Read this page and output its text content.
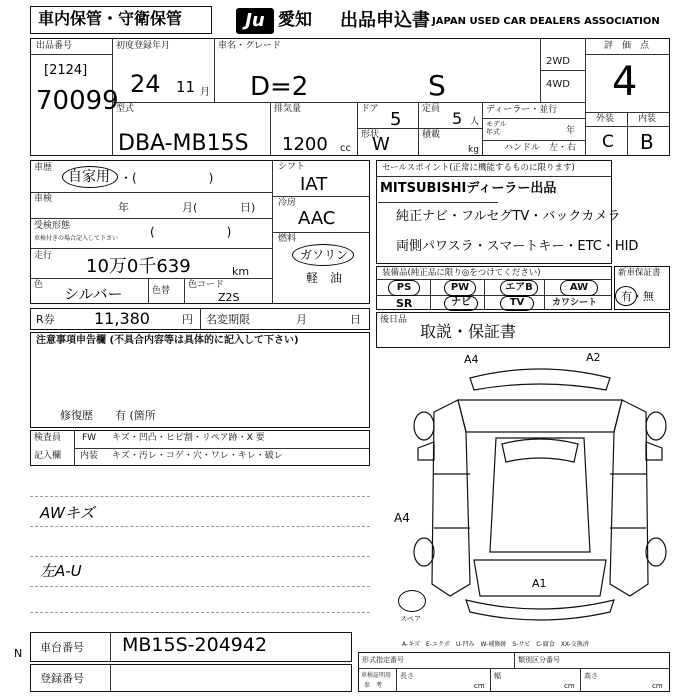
車内保管・守衛保管	Ju 愛知 出品申込書 JAPAN USED CAR DEALERS ASSOCIATION
出品番号
[2124]
70099
初度登録年月
24 11 月
車名・グレード
D=2	S
2WD
4WD
評　価　点
4
外装	内装
C B
型式
DBA-MB15S
排気量
1200 cc
ドア 5 定員 5 人
形状
W	積載
kg
ディーラー・並行
モデル
年式	年
ハンドル　左・右
車歴
自家用 ・(　　　　　　)
シフト
IAT
車検
年	月(	日)	冷房
AAC
受検形態
車検付きの場合記入して下さい	(　　　　　　)	燃料
ガソリン
軽　油
走行 10万0千639	km
色 シルバー	色替
色コード
Z2S
セールスポイント(正常に機能するものに限ります)
MITSUBISHIディーラー出品
純正ナビ・フルセグTV・バックカメラ
両側パワスラ・スマートキー・ETC・HID
装備品(純正品に限り◎をつけてください)
PS	PW	エアB	AW
SR	ナビ	TV	カワシート
新車保証書
有・無
R券 11,380	円 名変期限	月	日
注意事項申告欄 (不具合内容等は具体的に記入して下さい)
修復歴　　有 (箇所
後日品
取説・保証書
検査員
記入欄
FW キズ・凹凸・ヒビ割・リペア跡・X 要
内装 キズ・汚レ・コゲ・穴・ワレ・キレ・破レ
AWキズ
左A-U
A4	A2
A4
A1
スペア
A-キズ　E-エクボ　U-凹み　W-補修跡　S-サビ　C-腐食　XX-交換済
車台番号 MB15S-204942
登録番号
N	形式指定番号	類別区分番号
車検証明用
参　考
長さ
cm
幅
cm
高さ
cm
